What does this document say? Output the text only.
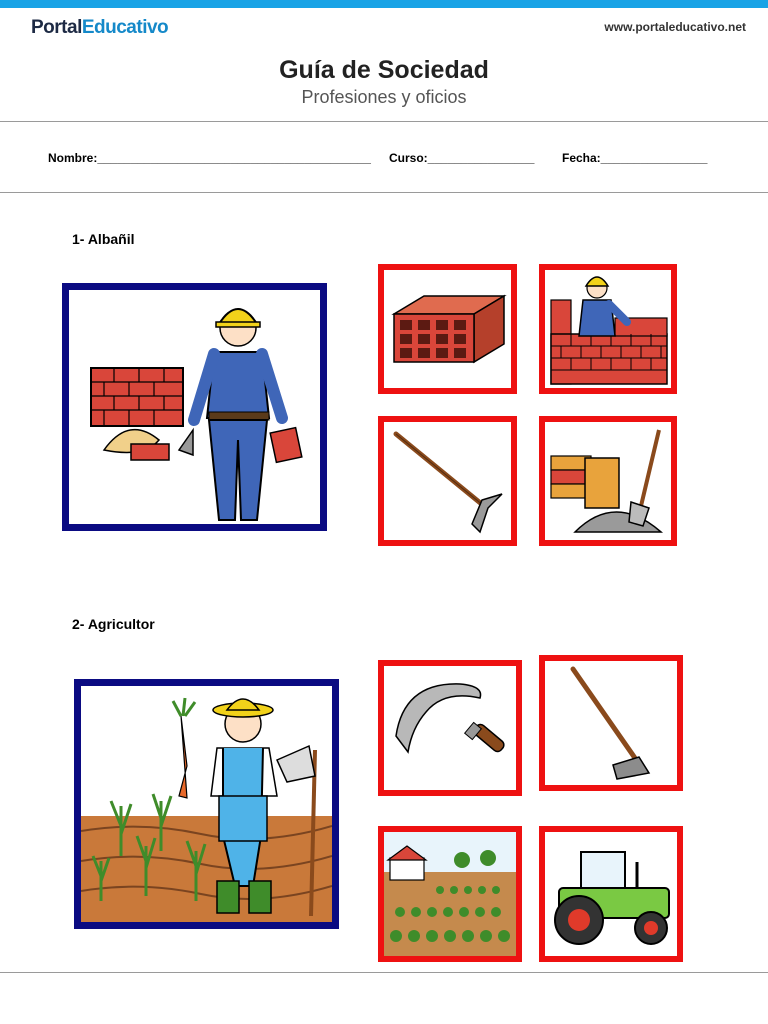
PortalEducativo	www.portaleducativo.net
Guía de Sociedad
Profesiones y oficios
Nombre:_________________________________________ Curso:________________ Fecha:________________
1- Albañil
2- Agricultor
